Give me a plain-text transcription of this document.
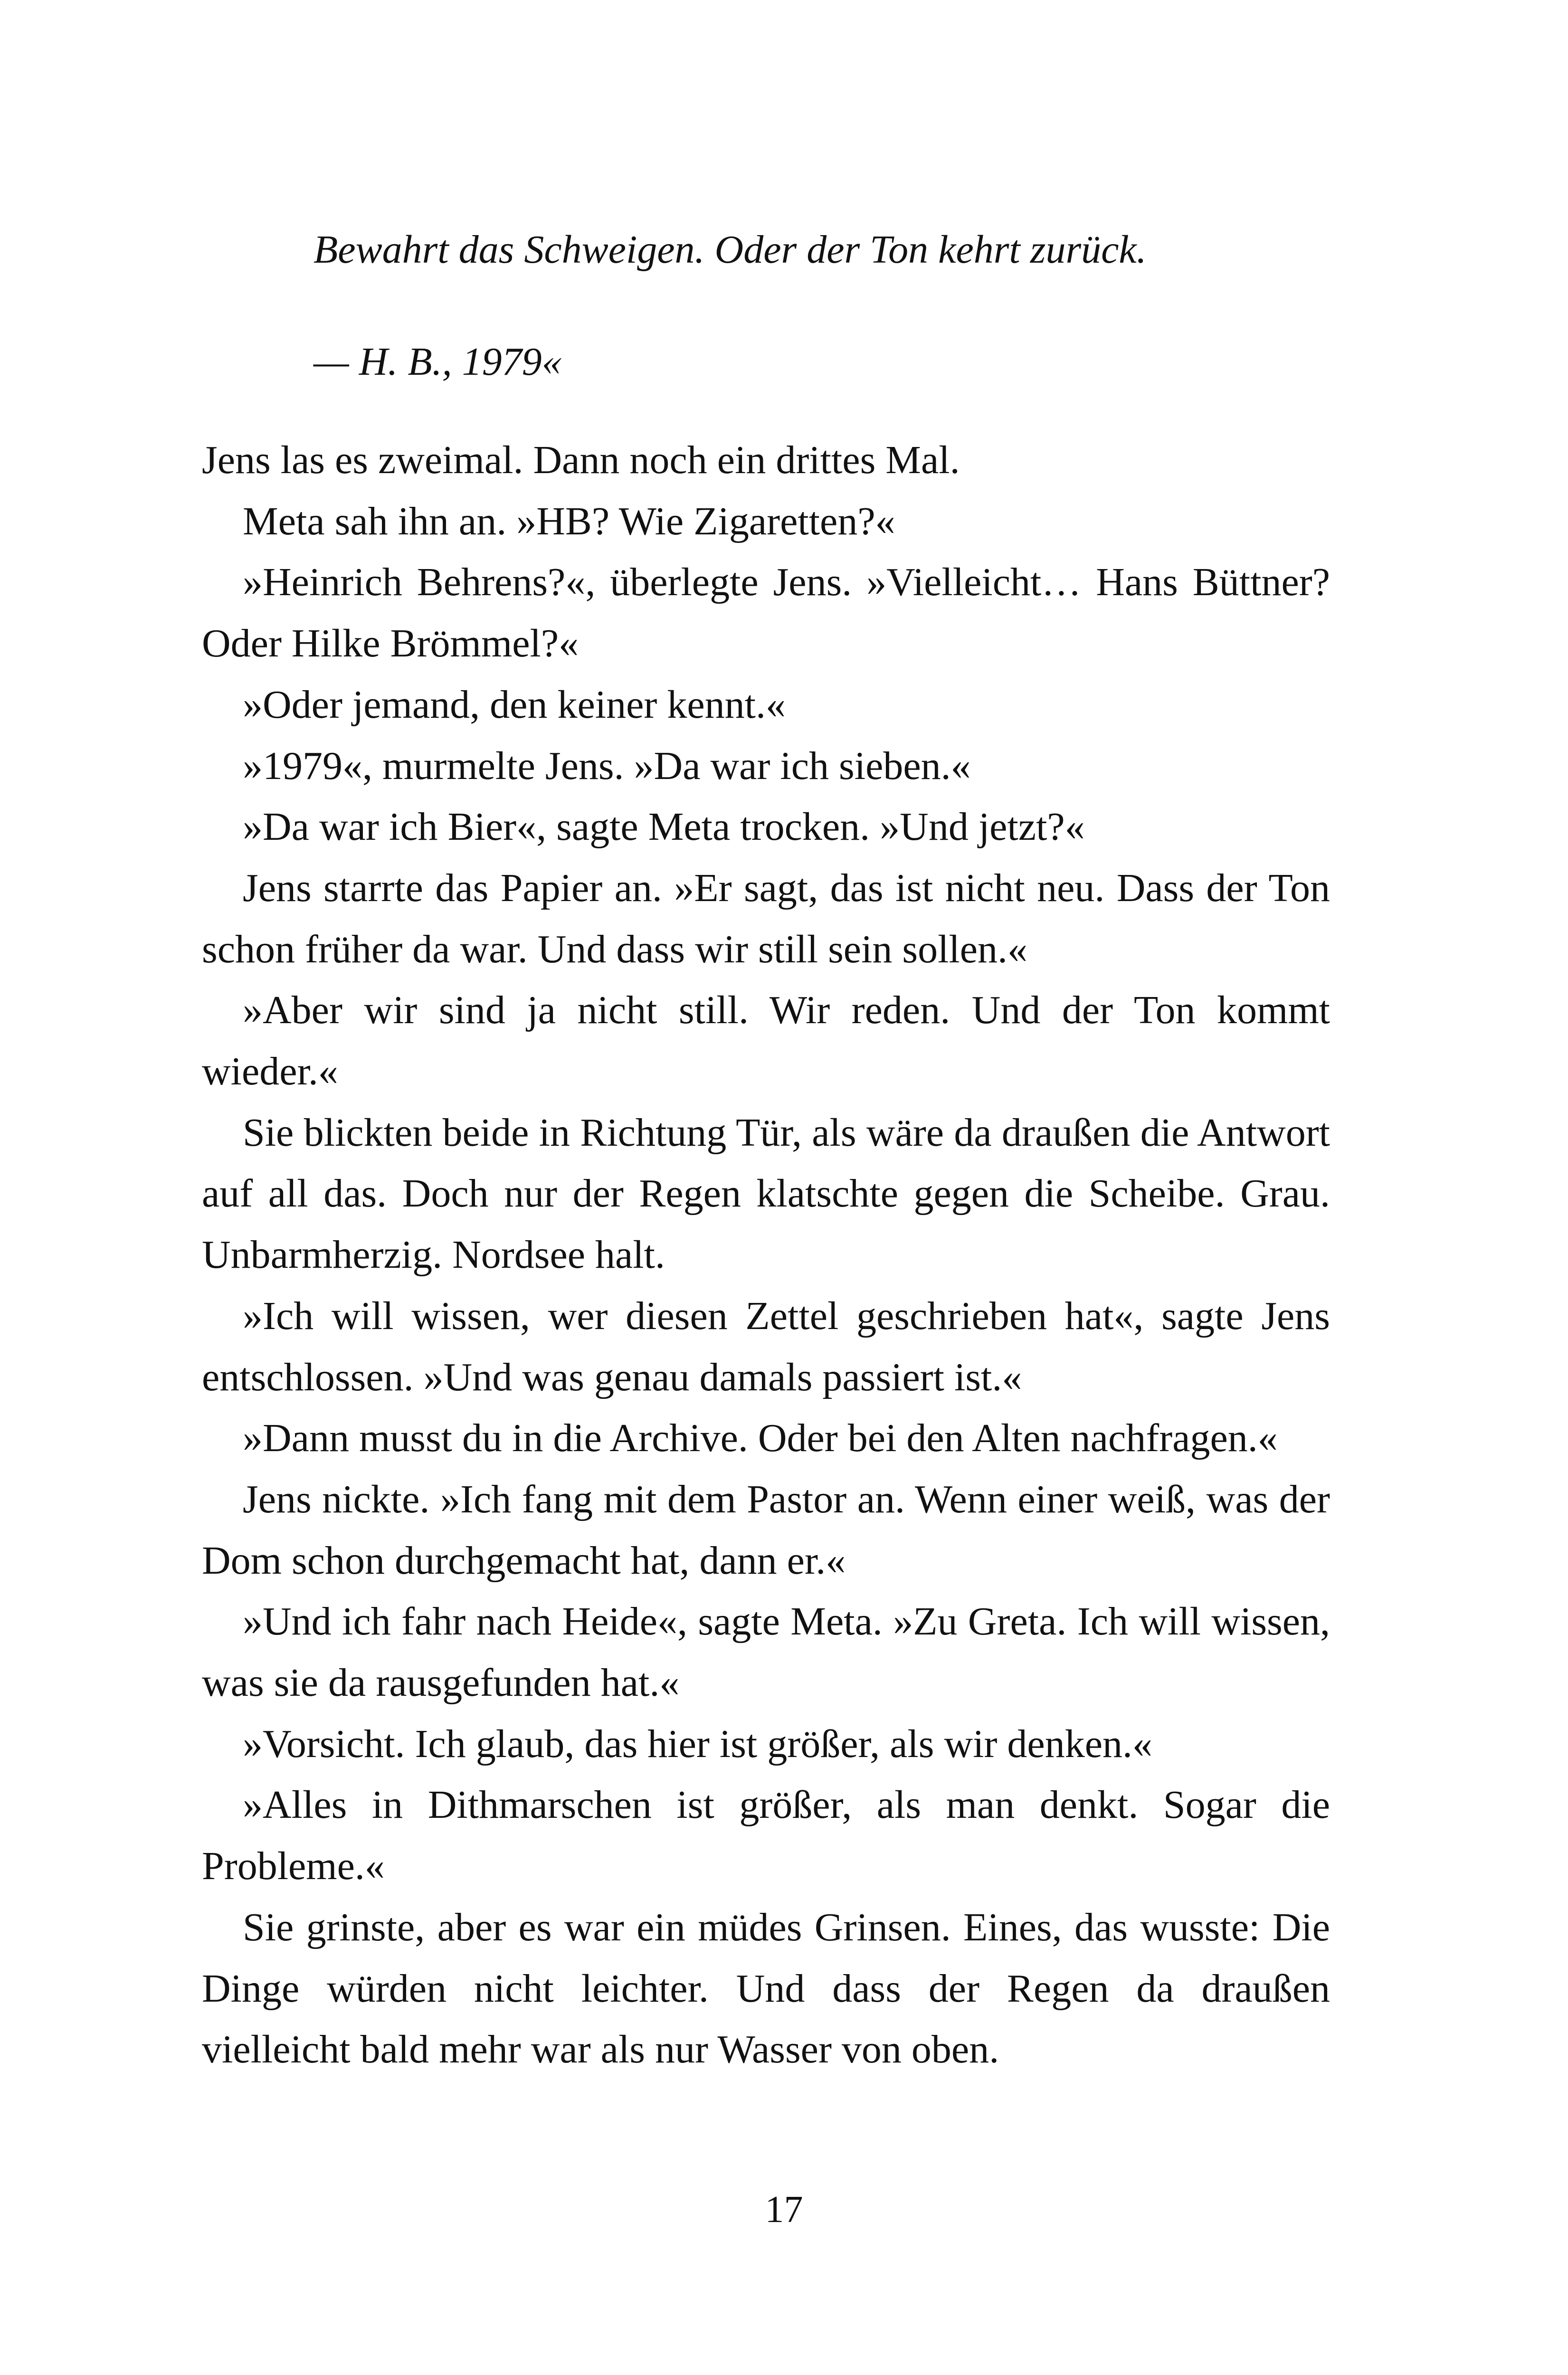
Bewahrt das Schweigen. Oder der Ton kehrt zurück.
— H. B., 1979«

Jens las es zweimal. Dann noch ein drittes Mal.

Meta sah ihn an. »HB? Wie Zigaretten?«

»Heinrich Behrens?«, überlegte Jens. »Vielleicht… Hans Büttner? Oder Hilke Brömmel?«

»Oder jemand, den keiner kennt.«

»1979«, murmelte Jens. »Da war ich sieben.«

»Da war ich Bier«, sagte Meta trocken. »Und jetzt?«

Jens starrte das Papier an. »Er sagt, das ist nicht neu. Dass der Ton schon früher da war. Und dass wir still sein sollen.«

»Aber wir sind ja nicht still. Wir reden. Und der Ton kommt wieder.«

Sie blickten beide in Richtung Tür, als wäre da draußen die Antwort auf all das. Doch nur der Regen klatschte gegen die Scheibe. Grau. Unbarmherzig. Nordsee halt.

»Ich will wissen, wer diesen Zettel geschrieben hat«, sagte Jens entschlossen. »Und was genau damals passiert ist.«

»Dann musst du in die Archive. Oder bei den Alten nachfragen.«

Jens nickte. »Ich fang mit dem Pastor an. Wenn einer weiß, was der Dom schon durchgemacht hat, dann er.«

»Und ich fahr nach Heide«, sagte Meta. »Zu Greta. Ich will wissen, was sie da rausgefunden hat.«

»Vorsicht. Ich glaub, das hier ist größer, als wir denken.«

»Alles in Dithmarschen ist größer, als man denkt. Sogar die Probleme.«

Sie grinste, aber es war ein müdes Grinsen. Eines, das wusste: Die Dinge würden nicht leichter. Und dass der Regen da draußen vielleicht bald mehr war als nur Wasser von oben.

17
